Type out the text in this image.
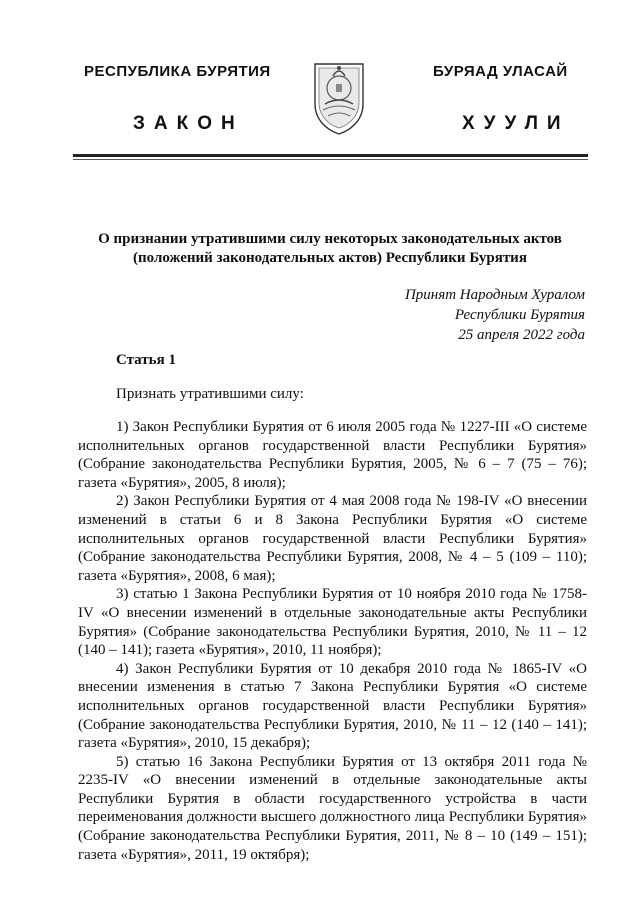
РЕСПУБЛИКА БУРЯТИЯ
ЗАКОН
БУРЯАД УЛАСАЙ
ХУУЛИ
О признании утратившими силу некоторых законодательных актов
(положений законодательных актов) Республики Бурятия
Принят Народным Хуралом
Республики Бурятия
25 апреля 2022 года
Статья 1
Признать утратившими силу:

1) Закон Республики Бурятия от 6 июля 2005 года № 1227-III «О системе исполнительных органов государственной власти Республики Бурятия» (Собрание законодательства Республики Бурятия, 2005, № 6 – 7 (75 – 76); газета «Бурятия», 2005, 8 июля);

2) Закон Республики Бурятия от 4 мая 2008 года № 198-IV «О внесении изменений в статьи 6 и 8 Закона Республики Бурятия «О системе исполнительных органов государственной власти Республики Бурятия» (Собрание законодательства Республики Бурятия, 2008, № 4 – 5 (109 – 110); газета «Бурятия», 2008, 6 мая);

3) статью 1 Закона Республики Бурятия от 10 ноября 2010 года № 1758-IV «О внесении изменений в отдельные законодательные акты Республики Бурятия» (Собрание законодательства Республики Бурятия, 2010, № 11 – 12 (140 – 141); газета «Бурятия», 2010, 11 ноября);

4) Закон Республики Бурятия от 10 декабря 2010 года № 1865-IV «О внесении изменения в статью 7 Закона Республики Бурятия «О системе исполнительных органов государственной власти Республики Бурятия» (Собрание законодательства Республики Бурятия, 2010, № 11 – 12 (140 – 141); газета «Бурятия», 2010, 15 декабря);

5) статью 16 Закона Республики Бурятия от 13 октября 2011 года № 2235-IV «О внесении изменений в отдельные законодательные акты Республики Бурятия в области государственного устройства в части переименования должности высшего должностного лица Республики Бурятия» (Собрание законодательства Республики Бурятия, 2011, № 8 – 10 (149 – 151); газета «Бурятия», 2011, 19 октября);
